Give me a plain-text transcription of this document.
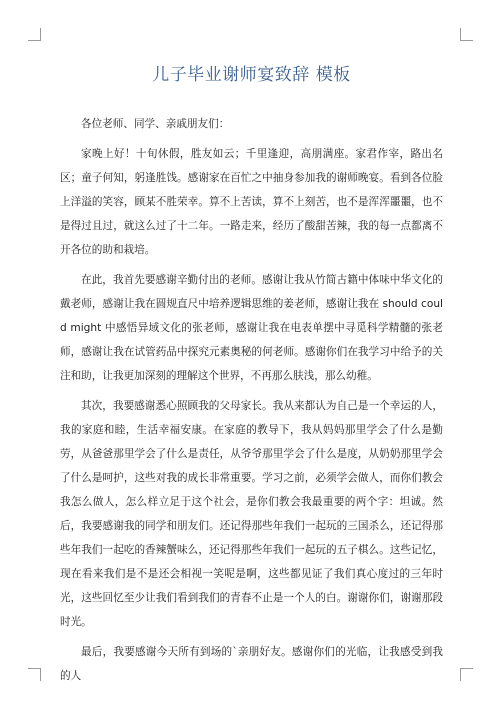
儿子毕业谢师宴致辞 模板

各位老师、同学、亲戚朋友们：

家晚上好！十旬休假，胜友如云；千里逢迎，高朋满座。家君作宰，路出名区；童子何知，躬逢胜饯。感谢家在百忙之中抽身参加我的谢师晚宴。看到各位脸上洋溢的笑容，顾某不胜荣幸。算不上苦读，算不上刻苦，也不是浑浑噩噩，也不是得过且过，就这么过了十二年。一路走来，经历了酸甜苦辣，我的每一点都离不开各位的助和栽培。

在此，我首先要感谢辛勤付出的老师。感谢让我从竹简古籍中体味中华文化的戴老师，感谢让我在圆规直尺中培养逻辑思维的姜老师，感谢让我在 should could might 中感悟异域文化的张老师，感谢让我在电表单摆中寻觅科学精髓的张老师，感谢让我在试管药品中探究元素奥秘的何老师。感谢你们在我学习中给予的关注和助，让我更加深刻的理解这个世界，不再那么肤浅，那么幼稚。

其次，我要感谢悉心照顾我的父母家长。我从来都认为自己是一个幸运的人，我的家庭和睦，生活幸福安康。在家庭的教导下，我从妈妈那里学会了什么是勤劳，从爸爸那里学会了什么是责任，从爷爷那里学会了什么是度，从奶奶那里学会了什么是呵护，这些对我的成长非常重要。学习之前，必须学会做人，而你们教会我怎么做人，怎么样立足于这个社会，是你们教会我最重要的两个字：坦诚。然后，我要感谢我的同学和朋友们。还记得那些年我们一起玩的三国杀么，还记得那些年我们一起吃的香辣蟹味么，还记得那些年我们一起玩的五子棋么。这些记忆，现在看来我们是不是还会相视一笑呢是啊，这些都见证了我们真心度过的三年时光，这些回忆至少让我们看到我们的青春不止是一个人的白。谢谢你们，谢谢那段时光。

最后，我要感谢今天所有到场的`亲朋好友。感谢你们的光临，让我感受到我的人
